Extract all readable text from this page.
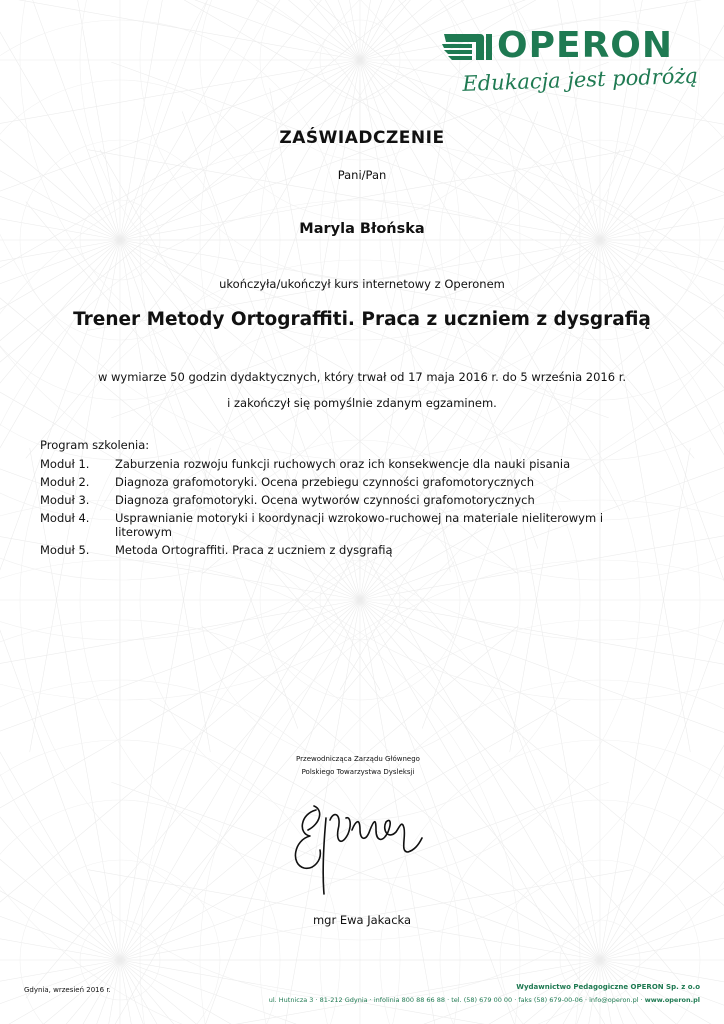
OPERON
Edukacja jest podróżą
ZAŚWIADCZENIE
Pani/Pan
Maryla Błońska
ukończyła/ukończył kurs internetowy z Operonem
Trener Metody Ortograffiti. Praca z uczniem z dysgrafią
w wymiarze 50 godzin dydaktycznych, który trwał od 17 maja 2016 r. do 5 września 2016 r.
i zakończył się pomyślnie zdanym egzaminem.
Program szkolenia:
Moduł 1.	Zaburzenia rozwoju funkcji ruchowych oraz ich konsekwencje dla nauki pisania
Moduł 2.	Diagnoza grafomotoryki. Ocena przebiegu czynności grafomotorycznych
Moduł 3.	Diagnoza grafomotoryki. Ocena wytworów czynności grafomotorycznych
Moduł 4.	Usprawnianie motoryki i koordynacji wzrokowo-ruchowej na materiale nieliterowym i literowym
Moduł 5.	Metoda Ortograffiti. Praca z uczniem z dysgrafią
Przewodnicząca Zarządu Głównego
Polskiego Towarzystwa Dysleksji
mgr Ewa Jakacka
Gdynia, wrzesień 2016 r.	Wydawnictwo Pedagogiczne OPERON Sp. z o.o
ul. Hutnicza 3 · 81-212 Gdynia · infolinia 800 88 66 88 · tel. (58) 679 00 00 · faks (58) 679-00-06 · info@operon.pl · www.operon.pl
